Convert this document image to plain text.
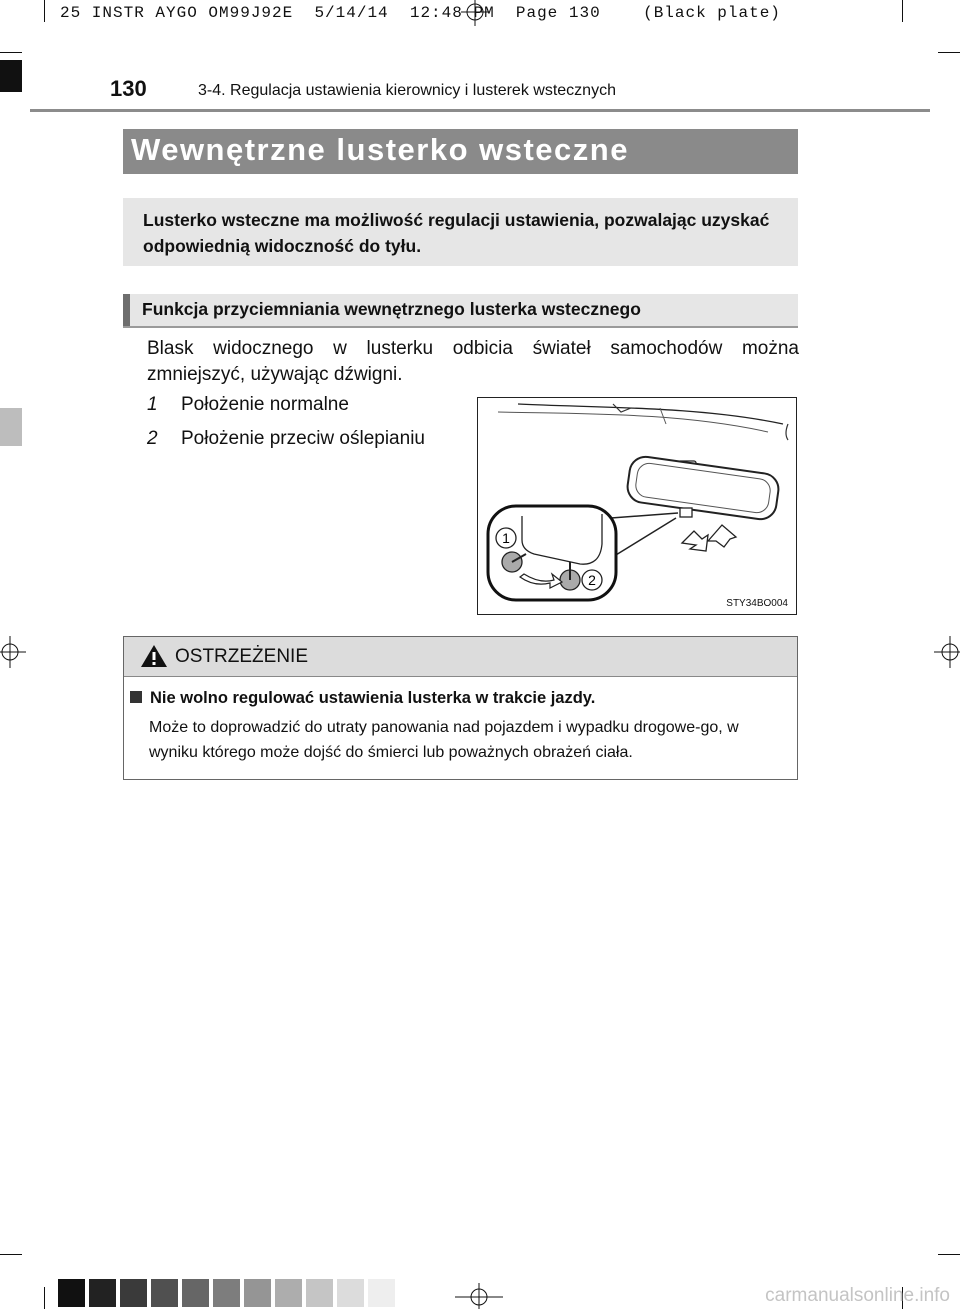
25 INSTR AYGO OM99J92E  5/14/14  12:48 PM  Page 130    (Black plate)
130	3-4. Regulacja ustawienia kierownicy i lusterek wstecznych
Wewnętrzne lusterko wsteczne
Lusterko wsteczne ma możliwość regulacji ustawienia, pozwalając uzyskać odpowiednią widoczność do tyłu.
Funkcja przyciemniania wewnętrznego lusterka wstecznego
Blask widocznego w lusterku odbicia świateł samochodów można zmniejszyć, używając dźwigni.
1 Położenie normalne
2 Położenie przeciw oślepianiu
1
2
STY34BO004
OSTRZEŻENIE
Nie wolno regulować ustawienia lusterka w trakcie jazdy.
Może to doprowadzić do utraty panowania nad pojazdem i wypadku drogowe-go, w wyniku którego może dojść do śmierci lub poważnych obrażeń ciała.
carmanualsonline.info
